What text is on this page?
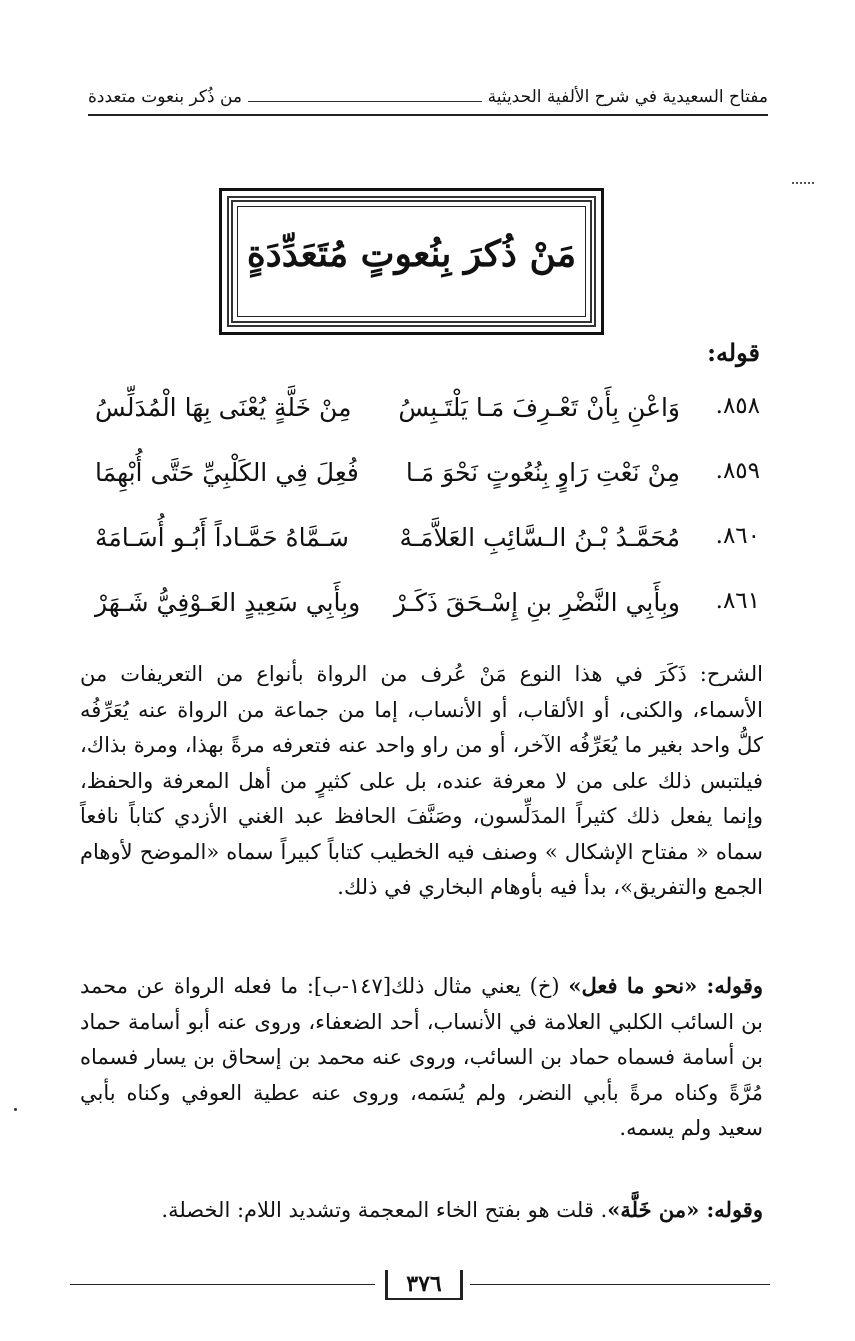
مفتاح السعيدية في شرح الألفية الحديثية
من ذُكر بنعوت متعددة
مَنْ ذُكرَ بِنُعوتٍ مُتَعَدِّدَةٍ
قوله:
٨٥٨.
وَاعْنِ بِأَنْ تَعْـرِفَ مَـا يَلْتَـبِسُ
مِنْ خَلَّةٍ يُعْنَى بِهَا الْمُدَلِّسُ
٨٥٩.
مِنْ نَعْتِ رَاوٍ بِنُعُوتٍ نَحْوَ مَـا
فُعِلَ فِي الكَلْبِيِّ حَتَّى أُبْهِمَا
٨٦٠.
مُحَمَّـدُ بْـنُ الـسَّائِبِ العَلاَّمَـهْ
سَـمَّاهُ حَمَّـاداً أَبُـو أُسَـامَهْ
٨٦١.
وبِأَبِي النَّضْرِ بنِ إِسْـحَقَ ذَكَـرْ
وبِأَبِي سَعِيدٍ العَـوْفِيُّ شَـهَرْ
الشرح: ذَكَرَ في هذا النوع مَنْ عُرف من الرواة بأنواع من التعريفات من الأسماء، والكنى، أو الألقاب، أو الأنساب، إما من جماعة من الرواة عنه يُعَرِّفُه كلُّ واحد بغير ما يُعَرِّفُه الآخر، أو من راو واحد عنه فتعرفه مرةً بهذا، ومرة بذاك، فيلتبس ذلك على من لا معرفة عنده، بل على كثيرٍ من أهل المعرفة والحفظ، وإنما يفعل ذلك كثيراً المدَلِّسون، وصَنَّفَ الحافظ عبد الغني الأزدي كتاباً نافعاً سماه « مفتاح الإشكال » وصنف فيه الخطيب كتاباً كبيراً سماه «الموضح لأوهام الجمع والتفريق»، بدأ فيه بأوهام البخاري في ذلك.
وقوله: «نحو ما فعل» (خ) يعني مثال ذلك[١٤٧-ب]: ما فعله الرواة عن محمد بن السائب الكلبي العلامة في الأنساب، أحد الضعفاء، وروى عنه أبو أسامة حماد بن أسامة فسماه حماد بن السائب، وروى عنه محمد بن إسحاق بن يسار فسماه مُرَّةً وكناه مرةً بأبي النضر، ولم يُسَمه، وروى عنه عطية العوفي وكناه بأبي سعيد ولم يسمه.
وقوله: «من خَلَّة». قلت هو بفتح الخاء المعجمة وتشديد اللام: الخصلة.
٣٧٦
